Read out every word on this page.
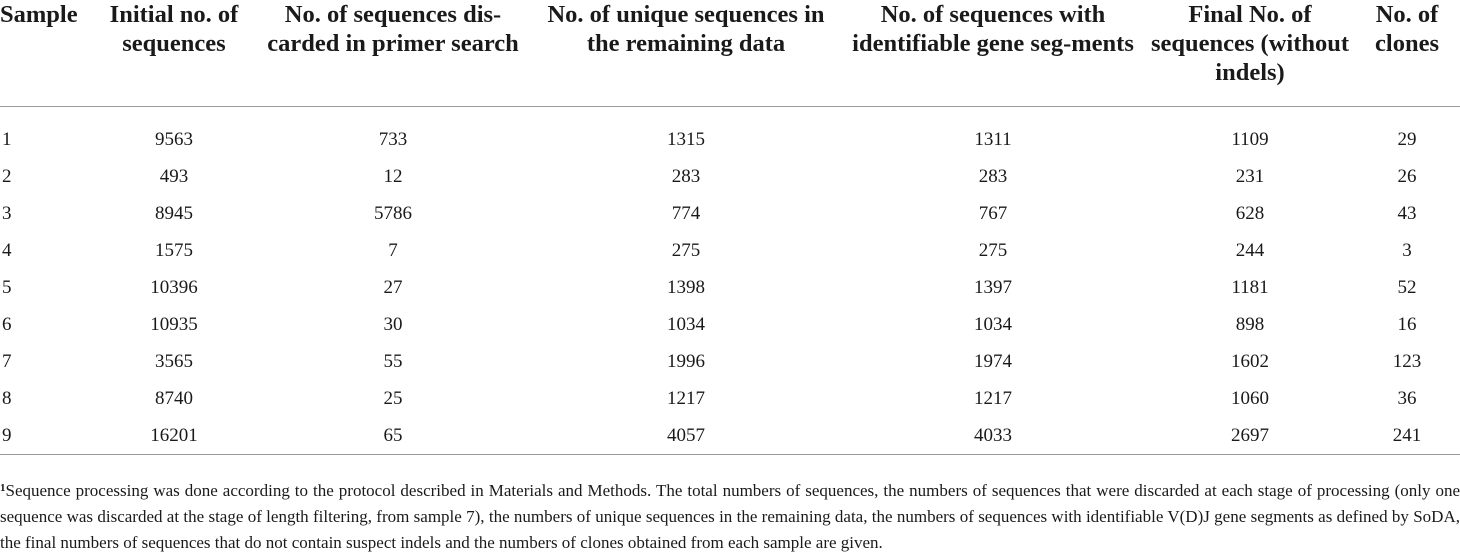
Sample	Initial no. of sequences	No. of sequences dis-carded in primer search	No. of unique sequences in the remaining data	No. of sequences with identifiable gene seg-ments	Final No. of sequences (without indels)	No. of clones
1	9563	733	1315	1311	1109	29
2	493	12	283	283	231	26
3	8945	5786	774	767	628	43
4	1575	7	275	275	244	3
5	10396	27	1398	1397	1181	52
6	10935	30	1034	1034	898	16
7	3565	55	1996	1974	1602	123
8	8740	25	1217	1217	1060	36
9	16201	65	4057	4033	2697	241
$^1$Sequence processing was done according to the protocol described in Materials and Methods. The total numbers of sequences, the numbers of sequences that were discarded at each stage of processing (only one sequence was discarded at the stage of length filtering, from sample 7), the numbers of unique sequences in the remaining data, the numbers of sequences with identifiable V(D)J gene segments as defined by SoDA, the final numbers of sequences that do not contain suspect indels and the numbers of clones obtained from each sample are given.
